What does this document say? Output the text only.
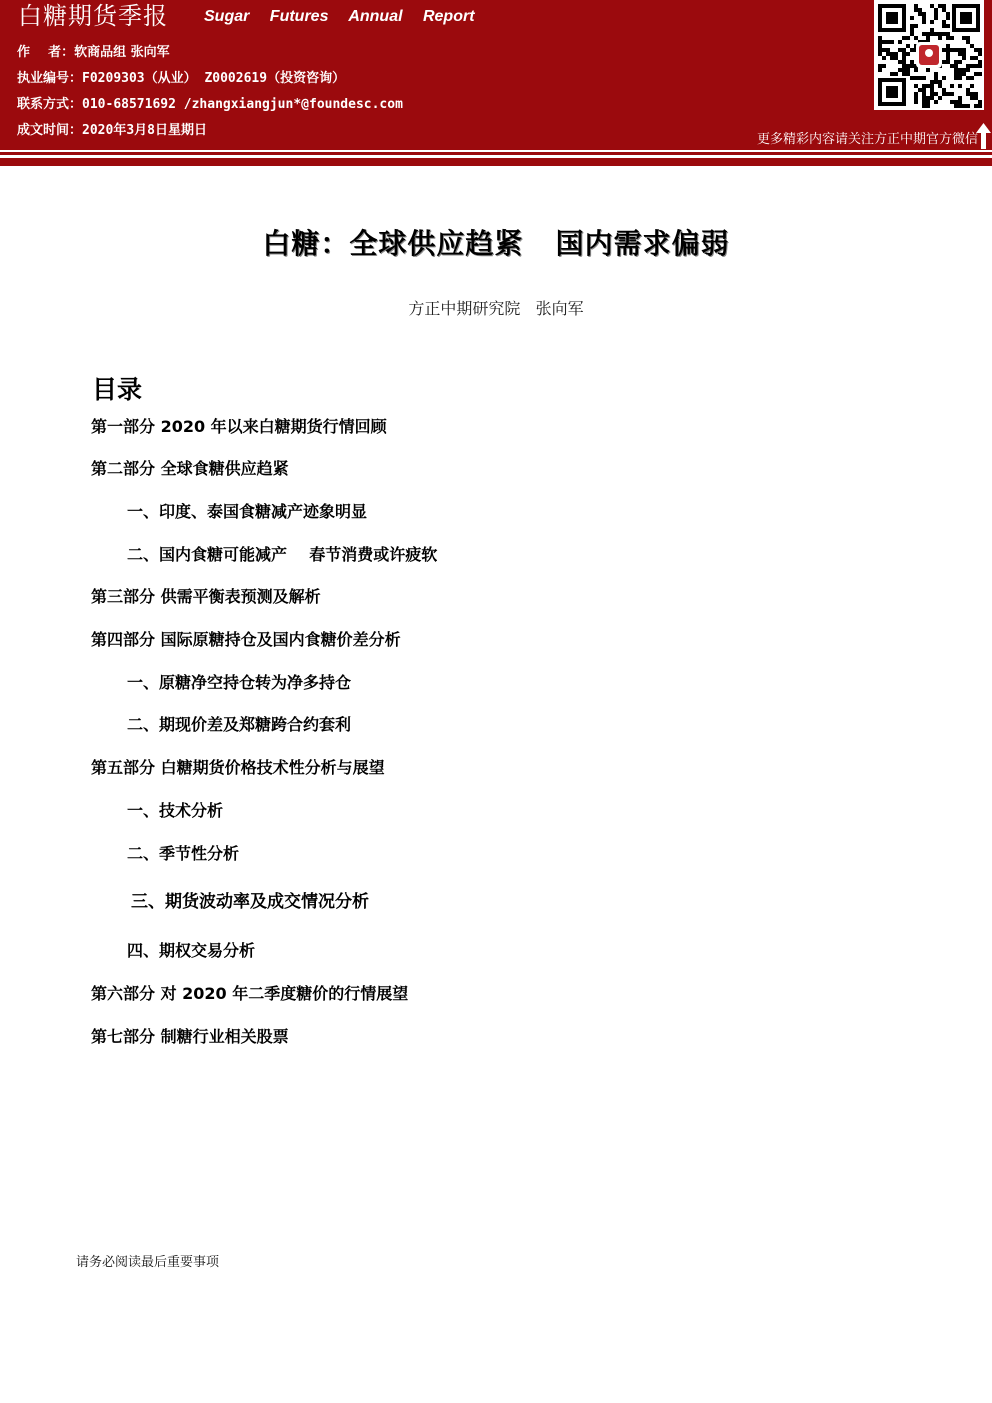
白糖期货季报 Sugar Futures Annual Report
作    者：软商品组 张向军
执业编号：F0209303（从业） Z0002619（投资咨询）
联系方式：010-68571692 /zhangxiangjun*@foundesc.com
成文时间：2020年3月8日星期日
更多精彩内容请关注方正中期官方微信
白糖：全球供应趋紧   国内需求偏弱
方正中期研究院   张向军
目录
第一部分 2020 年以来白糖期货行情回顾
第二部分 全球食糖供应趋紧
一、印度、泰国食糖减产迹象明显
二、国内食糖可能减产    春节消费或许疲软
第三部分 供需平衡表预测及解析
第四部分 国际原糖持仓及国内食糖价差分析
一、原糖净空持仓转为净多持仓
二、期现价差及郑糖跨合约套利
第五部分 白糖期货价格技术性分析与展望
一、技术分析
二、季节性分析
三、期货波动率及成交情况分析
四、期权交易分析
第六部分 对 2020 年二季度糖价的行情展望
第七部分 制糖行业相关股票
请务必阅读最后重要事项
